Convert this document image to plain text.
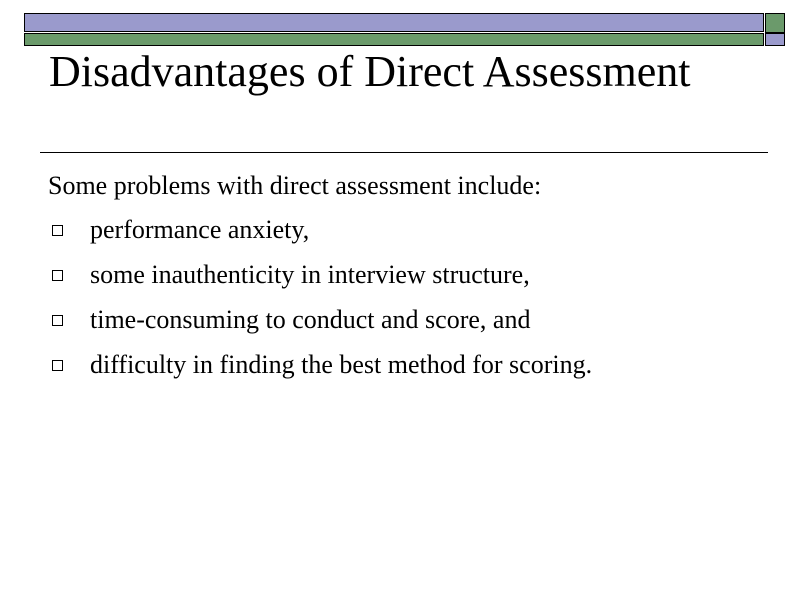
Disadvantages of Direct Assessment
Some problems with direct assessment include:
performance anxiety,
some inauthenticity in interview structure,
time-consuming to conduct and score, and
difficulty in finding the best method for scoring.
